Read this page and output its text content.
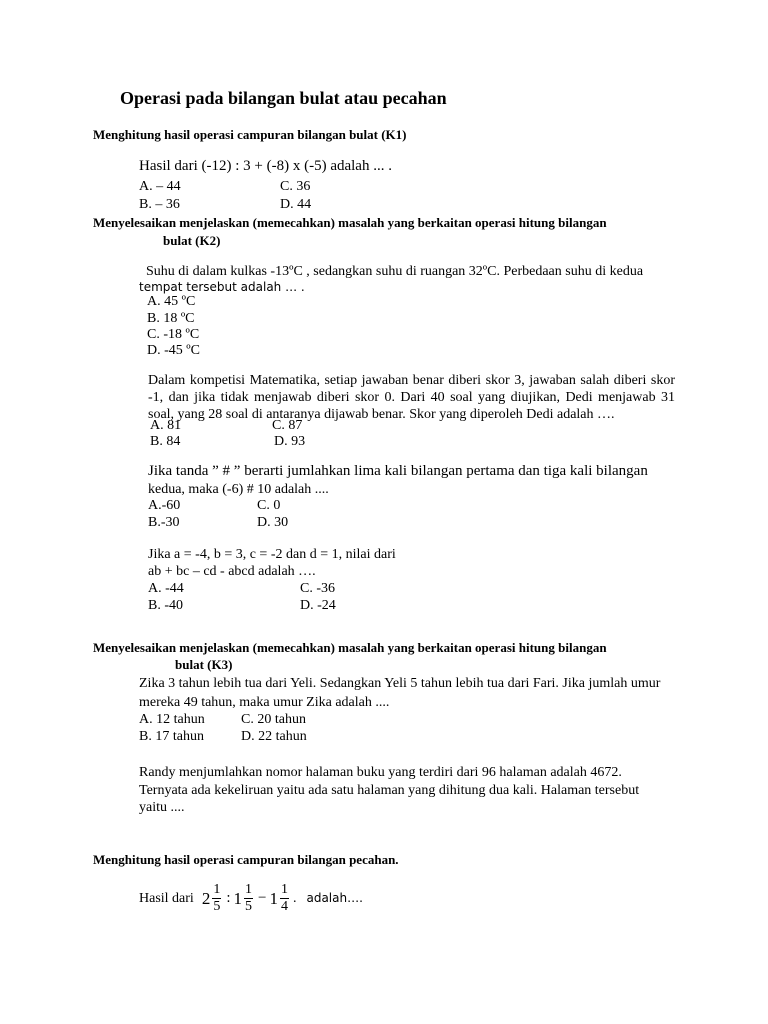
Operasi pada bilangan bulat atau pecahan
Menghitung hasil operasi campuran bilangan bulat (K1)
Hasil dari (-12) : 3 + (-8) x (-5) adalah ... .
A. – 44	C. 36
B. – 36	D. 44
Menyelesaikan menjelaskan (memecahkan) masalah yang berkaitan operasi hitung bilangan
bulat (K2)
Suhu di dalam kulkas -13ºC , sedangkan suhu di ruangan 32ºC. Perbedaan suhu di kedua
tempat tersebut adalah … .
A. 45 ºC
B. 18 ºC
C. -18 ºC
D. -45 ºC
Dalam kompetisi Matematika, setiap jawaban benar diberi skor 3, jawaban salah diberi skor -1, dan jika tidak menjawab diberi skor 0. Dari 40 soal yang diujikan, Dedi menjawab 31 soal, yang 28 soal di antaranya dijawab benar. Skor yang diperoleh Dedi adalah ….
A. 81	C. 87
B. 84	D. 93
Jika tanda ” # ” berarti jumlahkan lima kali bilangan pertama dan tiga kali bilangan
kedua, maka (-6) # 10 adalah ....
A.-60	C. 0
B.-30	D. 30
Jika a = -4, b = 3, c = -2 dan d = 1, nilai dari
ab + bc – cd - abcd adalah ….
A. -44	C. -36
B. -40	D. -24
Menyelesaikan menjelaskan (memecahkan) masalah yang berkaitan operasi hitung bilangan
bulat (K3)
Zika 3 tahun lebih tua dari Yeli. Sedangkan Yeli 5 tahun lebih tua dari Fari. Jika jumlah umur
mereka 49 tahun, maka umur Zika adalah ....
A. 12 tahun	C. 20 tahun
B. 17 tahun	D. 22 tahun
Randy menjumlahkan nomor halaman buku yang terdiri dari 96 halaman adalah 4672.
Ternyata ada kekeliruan yaitu ada satu halaman yang dihitung dua kali. Halaman tersebut
yaitu ....
Menghitung hasil operasi campuran bilangan pecahan.
Hasil dari $2 \frac{1}{5}$ : $1 \frac{1}{5} - 1 \frac{1}{4}$ . adalah….
